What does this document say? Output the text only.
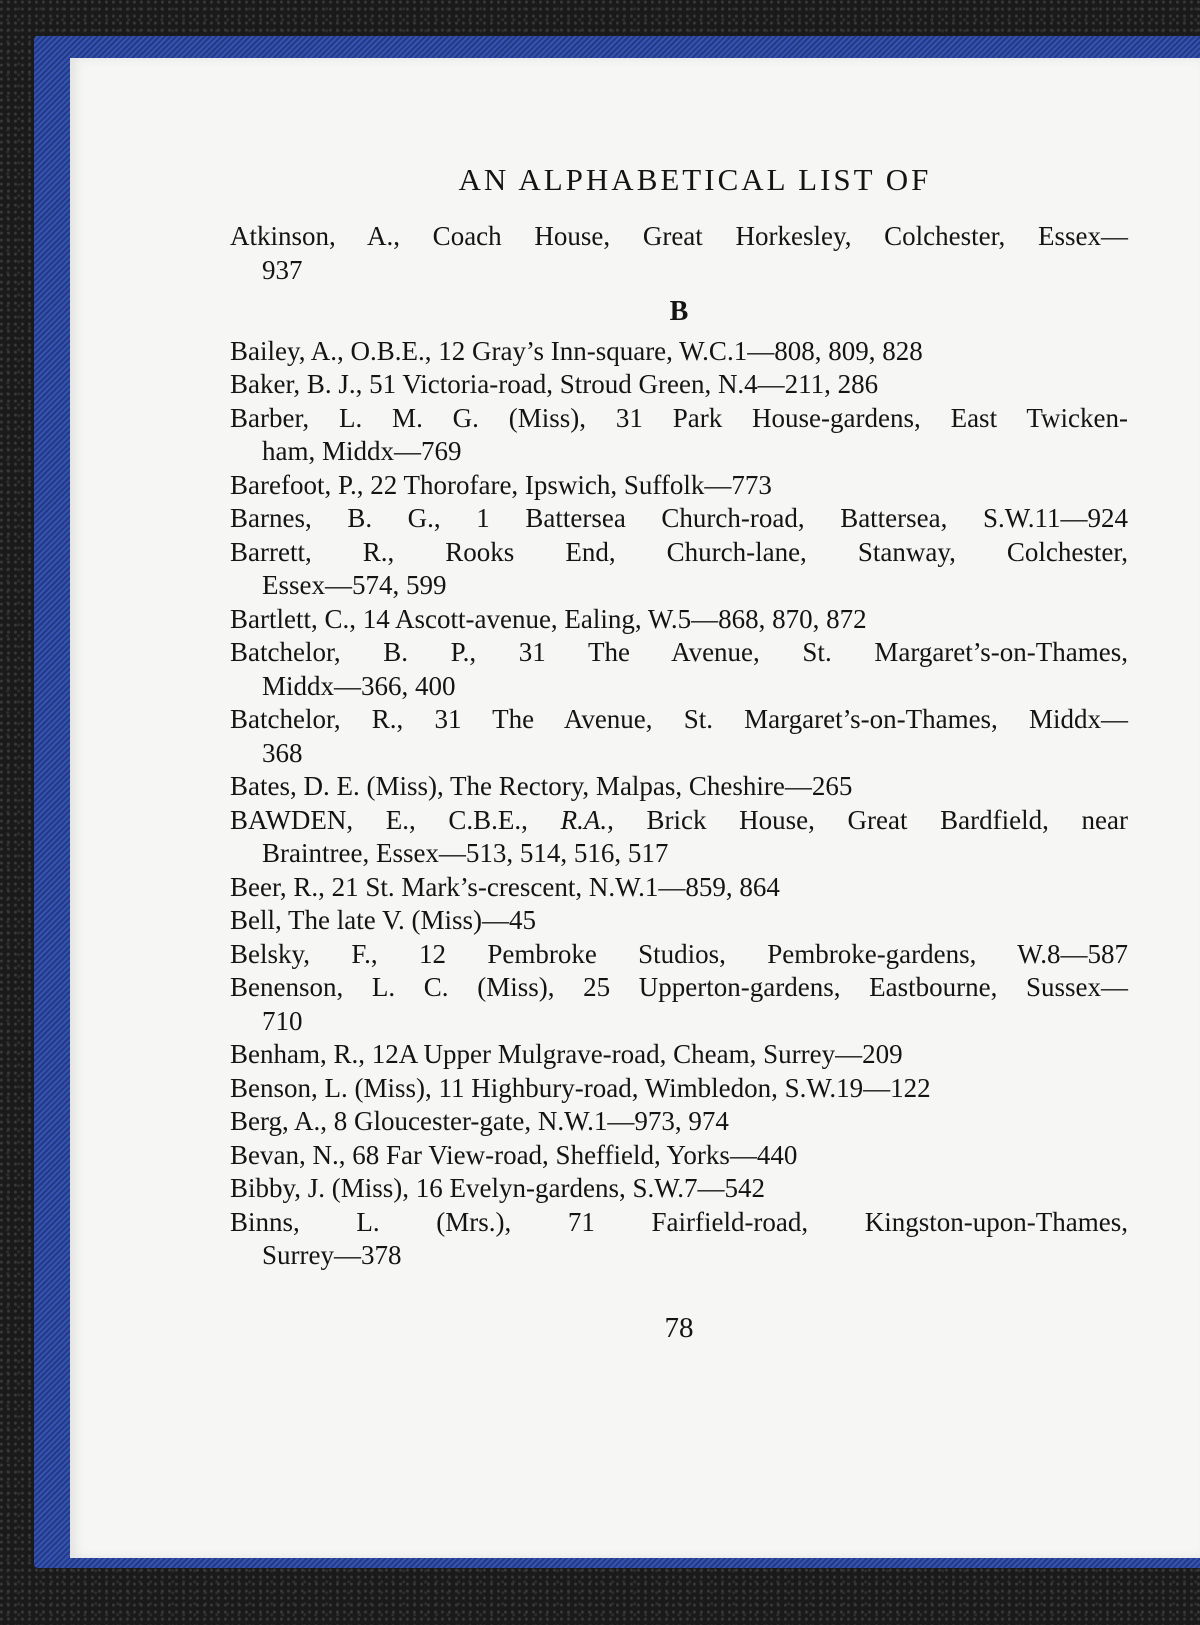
AN ALPHABETICAL LIST OF
Atkinson, A., Coach House, Great Horkesley, Colchester, Essex—
937
B
Bailey, A., O.B.E., 12 Gray’s Inn-square, W.C.1—808, 809, 828
Baker, B. J., 51 Victoria-road, Stroud Green, N.4—211, 286
Barber, L. M. G. (Miss), 31 Park House-gardens, East Twicken-
ham, Middx—769
Barefoot, P., 22 Thorofare, Ipswich, Suffolk—773
Barnes, B. G., 1 Battersea Church-road, Battersea, S.W.11—924
Barrett, R., Rooks End, Church-lane, Stanway, Colchester,
Essex—574, 599
Bartlett, C., 14 Ascott-avenue, Ealing, W.5—868, 870, 872
Batchelor, B. P., 31 The Avenue, St. Margaret’s-on-Thames,
Middx—366, 400
Batchelor, R., 31 The Avenue, St. Margaret’s-on-Thames, Middx—
368
Bates, D. E. (Miss), The Rectory, Malpas, Cheshire—265
BAWDEN, E., C.B.E., R.A., Brick House, Great Bardfield, near
Braintree, Essex—513, 514, 516, 517
Beer, R., 21 St. Mark’s-crescent, N.W.1—859, 864
Bell, The late V. (Miss)—45
Belsky, F., 12 Pembroke Studios, Pembroke-gardens, W.8—587
Benenson, L. C. (Miss), 25 Upperton-gardens, Eastbourne, Sussex—
710
Benham, R., 12A Upper Mulgrave-road, Cheam, Surrey—209
Benson, L. (Miss), 11 Highbury-road, Wimbledon, S.W.19—122
Berg, A., 8 Gloucester-gate, N.W.1—973, 974
Bevan, N., 68 Far View-road, Sheffield, Yorks—440
Bibby, J. (Miss), 16 Evelyn-gardens, S.W.7—542
Binns, L. (Mrs.), 71 Fairfield-road, Kingston-upon-Thames,
Surrey—378
78
